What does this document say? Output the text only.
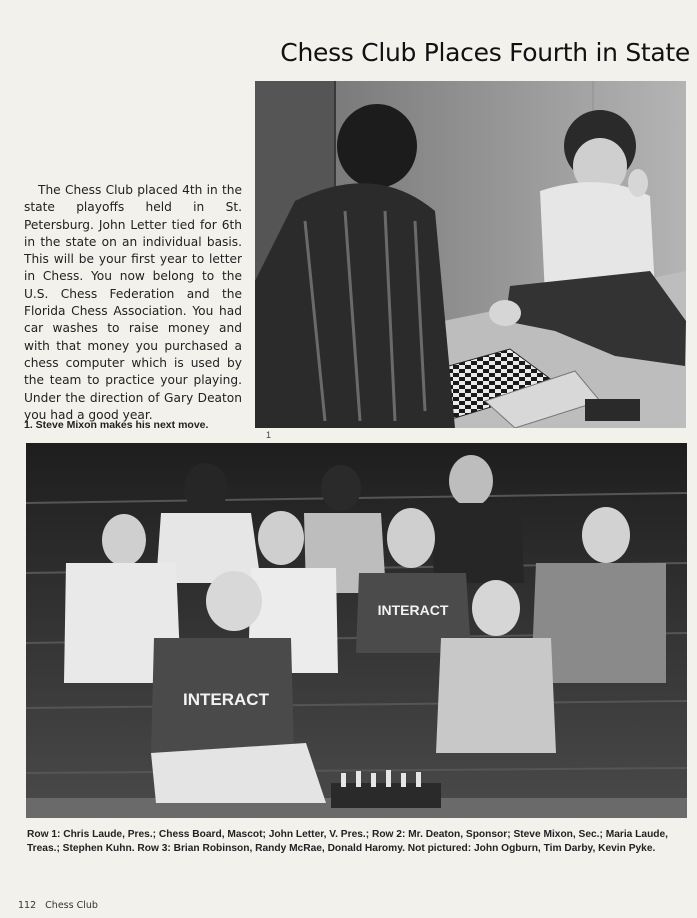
Chess Club Places Fourth in State
The Chess Club placed 4th in the state playoffs held in St. Petersburg. John Letter tied for 6th in the state on an individual basis. This will be your first year to letter in Chess. You now belong to the U.S. Chess Federation and the Florida Chess Association. You had car washes to raise money and with that money you purchased a chess computer which is used by the team to practice your playing. Under the direction of Gary Deaton you had a good year.
1. Steve Mixon makes his next move.
1
INTERACT
INTERACT
Row 1: Chris Laude, Pres.; Chess Board, Mascot; John Letter, V. Pres.; Row 2: Mr. Deaton, Sponsor; Steve Mixon, Sec.; Maria Laude, Treas.; Stephen Kuhn. Row 3: Brian Robinson, Randy McRae, Donald Haromy. Not pictured: John Ogburn, Tim Darby, Kevin Pyke.
112 Chess Club
